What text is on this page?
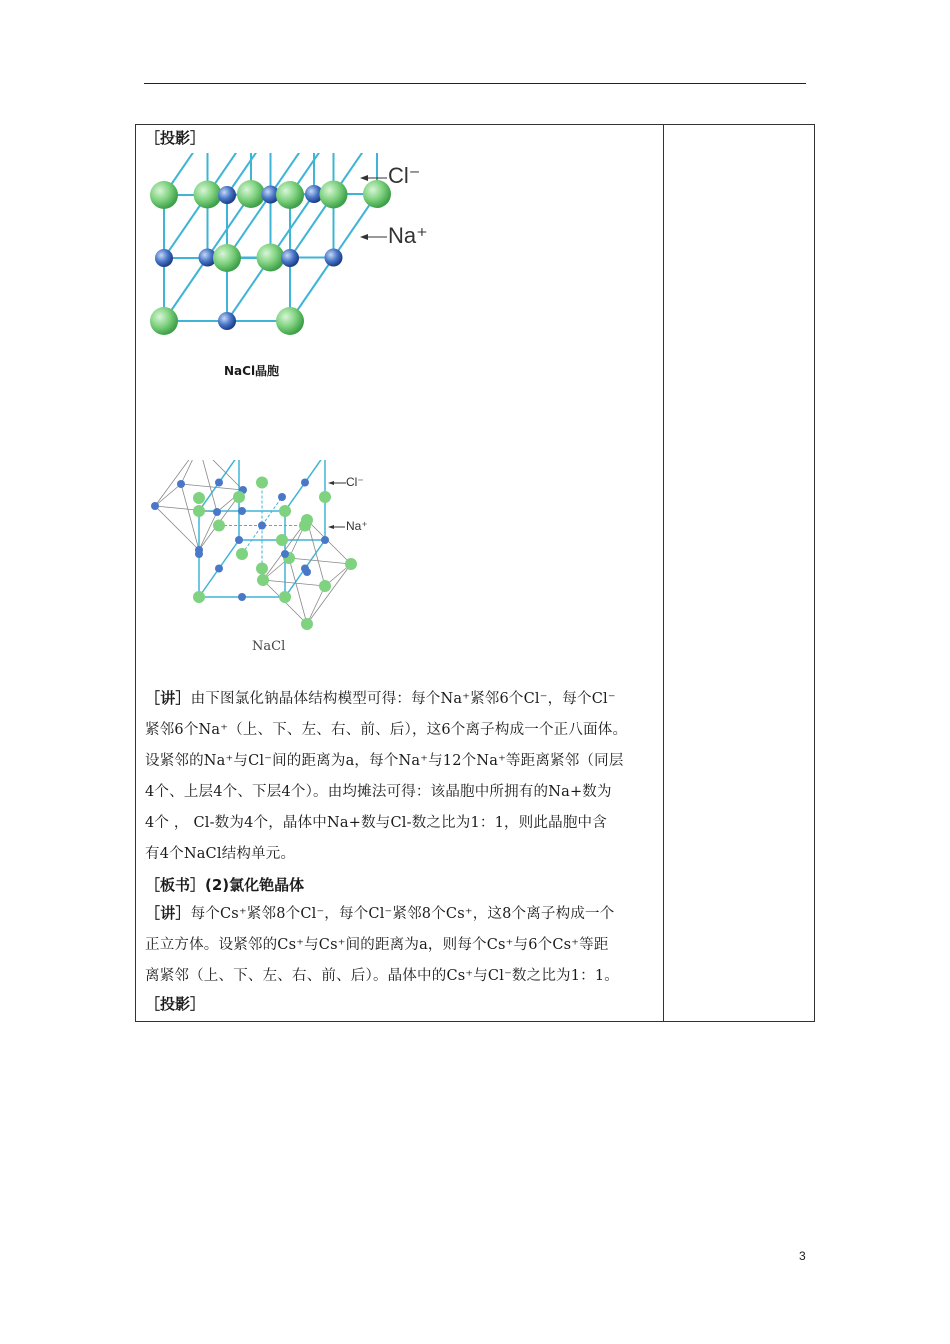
［投影］
Cl⁻
Na⁺
NaCl晶胞
Cl⁻
Na⁺
NaCl

［讲］由下图氯化钠晶体结构模型可得：每个Na⁺紧邻6个Cl⁻，每个Cl⁻

紧邻6个Na⁺（上、下、左、右、前、后），这6个离子构成一个正八面体。

设紧邻的Na⁺与Cl⁻间的距离为a，每个Na⁺与12个Na⁺等距离紧邻（同层

4个、上层4个、下层4个）。由均摊法可得：该晶胞中所拥有的Na+数为

4个 ， Cl-数为4个，晶体中Na+数与Cl-数之比为1：1，则此晶胞中含

有4个NaCl结构单元。

［板书］(2)氯化铯晶体

［讲］每个Cs⁺紧邻8个Cl⁻，每个Cl⁻紧邻8个Cs⁺，这8个离子构成一个

正立方体。设紧邻的Cs⁺与Cs⁺间的距离为a，则每个Cs⁺与6个Cs⁺等距

离紧邻（上、下、左、右、前、后）。晶体中的Cs⁺与Cl⁻数之比为1：1。

［投影］
3
